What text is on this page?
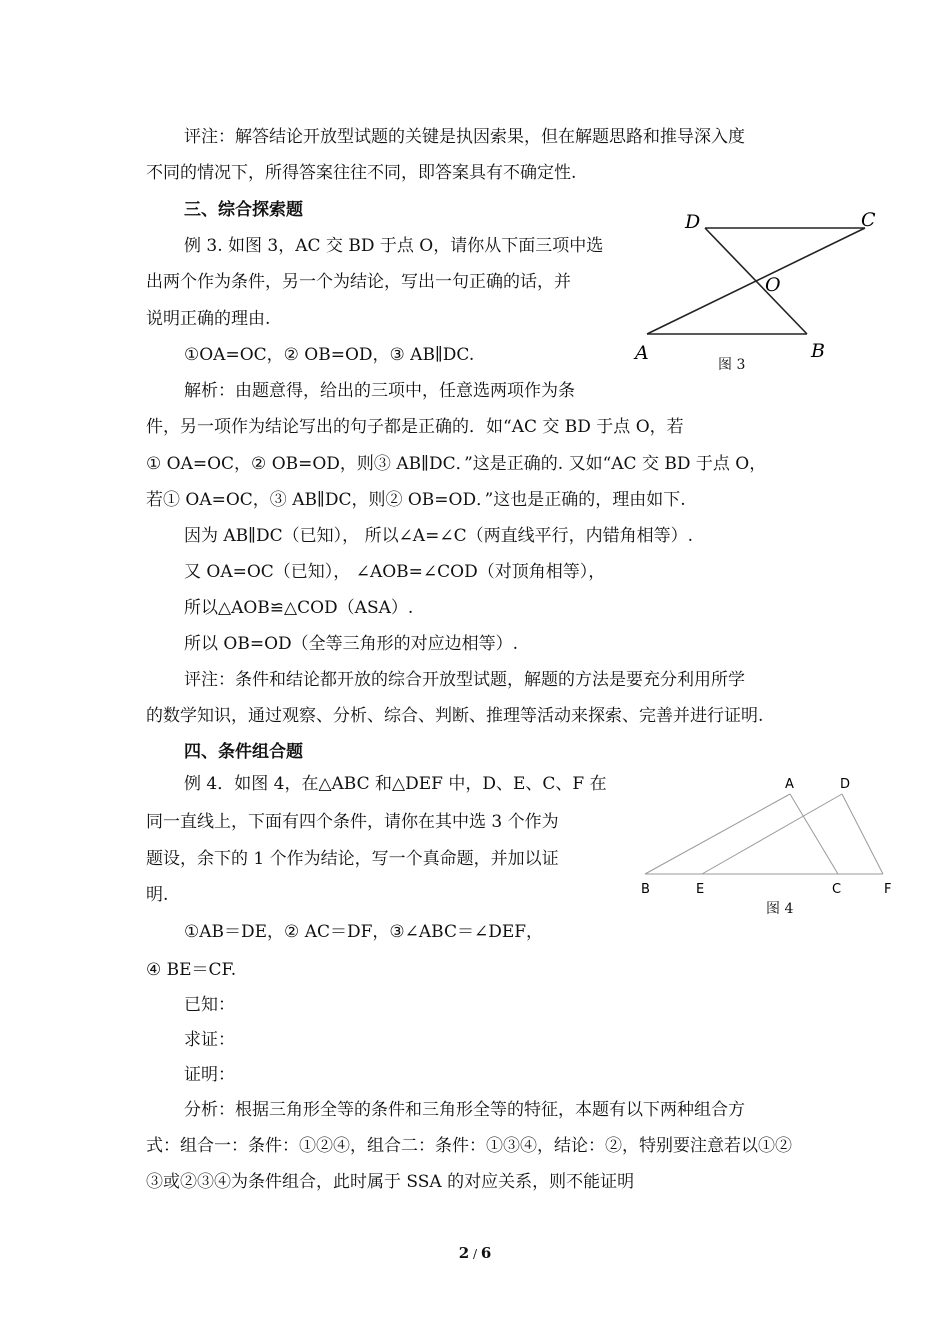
评注：解答结论开放型试题的关键是执因索果，但在解题思路和推导深入度
不同的情况下，所得答案往往不同，即答案具有不确定性.
三、综合探索题
例 3. 如图 3，AC 交 BD 于点 O，请你从下面三项中选
出两个作为条件，另一个为结论，写出一句正确的话，并
说明正确的理由.
①OA=OC，② OB=OD，③ AB∥DC.
解析：由题意得，给出的三项中，任意选两项作为条
件，另一项作为结论写出的句子都是正确的．如“AC 交 BD 于点 O，若
① OA=OC，② OB=OD，则③ AB∥DC．”这是正确的. 又如“AC 交 BD 于点 O，
若① OA=OC，③ AB∥DC，则② OB=OD．”这也是正确的，理由如下.
因为 AB∥DC（已知）， 所以∠A=∠C（两直线平行，内错角相等）.
又 OA=OC（已知）， ∠AOB=∠COD（对顶角相等），
所以△AOB≌△COD（ASA）.
所以 OB=OD（全等三角形的对应边相等）.
评注：条件和结论都开放的综合开放型试题，解题的方法是要充分利用所学
的数学知识，通过观察、分析、综合、判断、推理等活动来探索、完善并进行证明.
四、条件组合题
例 4．如图 4，在△ABC 和△DEF 中，D、E、C、F 在
同一直线上，下面有四个条件，请你在其中选 3 个作为
题设，余下的 1 个作为结论，写一个真命题，并加以证
明.
①AB＝DE，② AC＝DF，③∠ABC＝∠DEF，
④ BE＝CF.
已知：
求证：
证明：
分析：根据三角形全等的条件和三角形全等的特征，本题有以下两种组合方
式：组合一：条件：①②④，组合二：条件：①③④，结论：②，特别要注意若以①②
③或②③④为条件组合，此时属于 SSA 的对应关系，则不能证明
D	C
O
A	B
图 3
A	D
B	E	C	F
图 4
2 / 6
